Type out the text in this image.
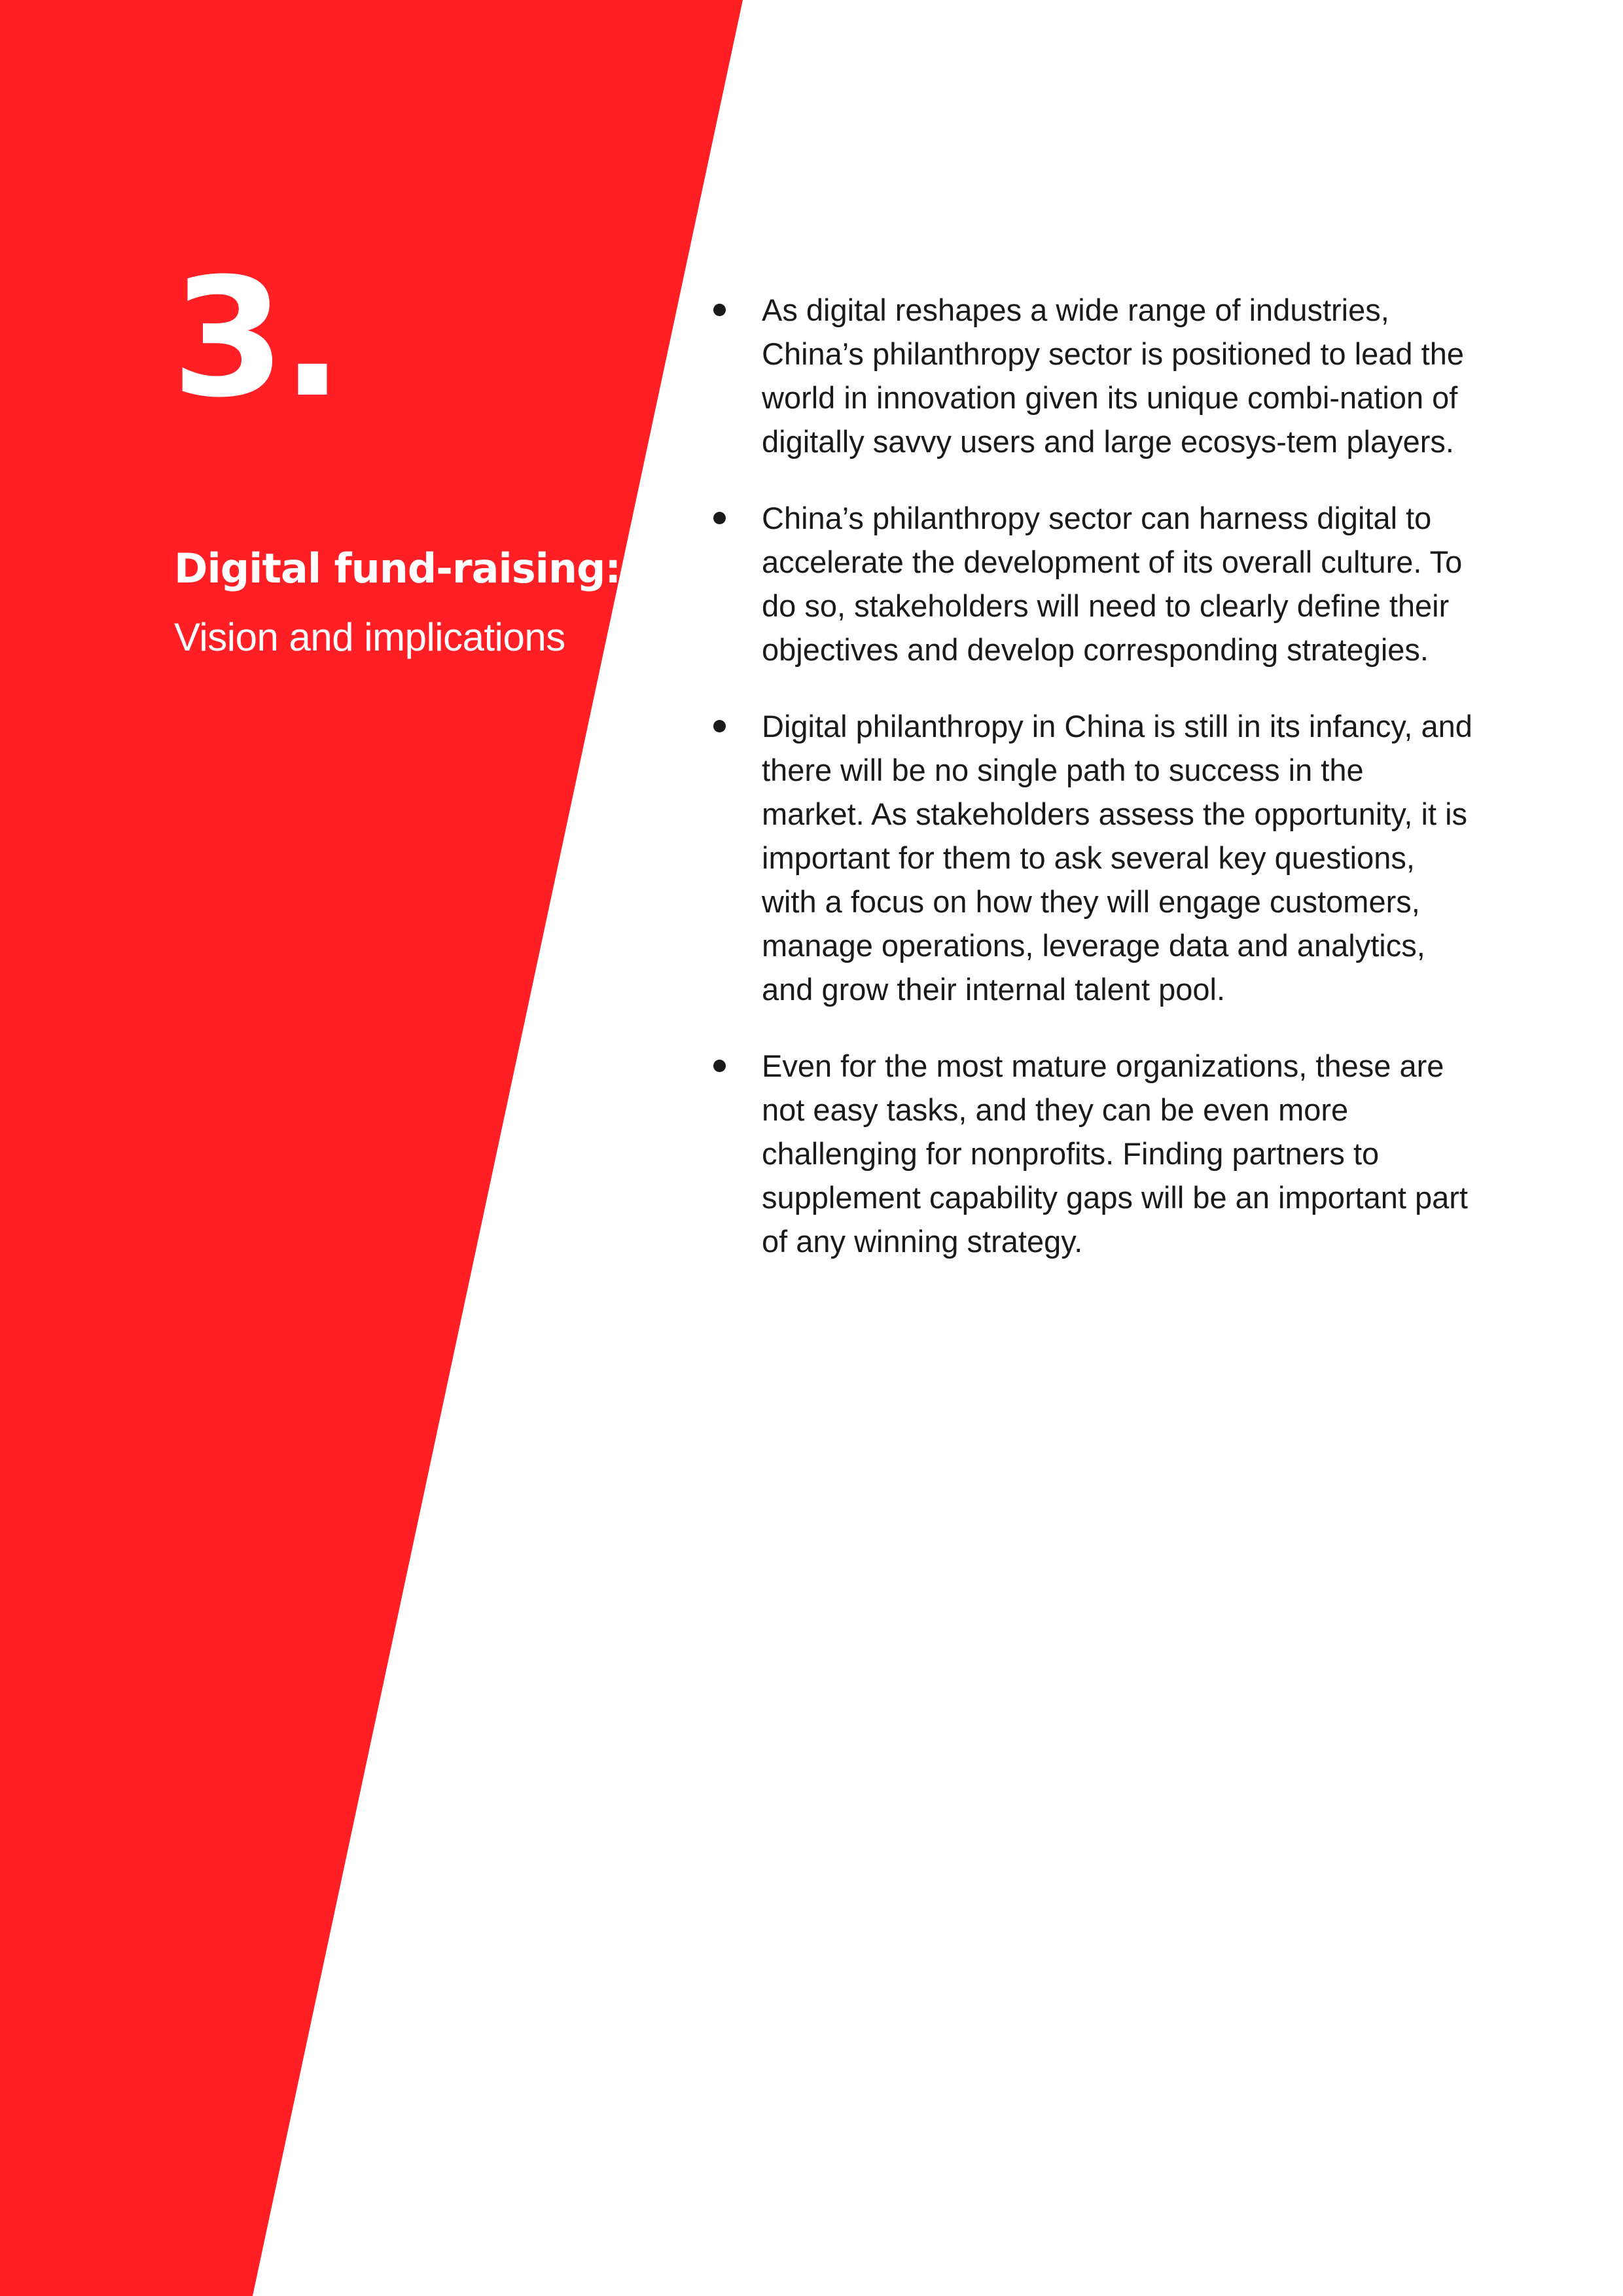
3.
Digital fund-raising:
Vision and implications
As digital reshapes a wide range of industries, China’s philanthropy sector is positioned to lead the world in innovation given its unique combi-nation of digitally savvy users and large ecosys-tem players.
China’s philanthropy sector can harness digital to accelerate the development of its overall culture. To do so, stakeholders will need to clearly define their objectives and develop corresponding strategies.
Digital philanthropy in China is still in its infancy, and there will be no single path to success in the market. As stakeholders assess the opportunity, it is important for them to ask several key questions, with a focus on how they will engage customers, manage operations, leverage data and analytics, and grow their internal talent pool.
Even for the most mature organizations, these are not easy tasks, and they can be even more challenging for nonprofits. Finding partners to supplement capability gaps will be an important part of any winning strategy.
